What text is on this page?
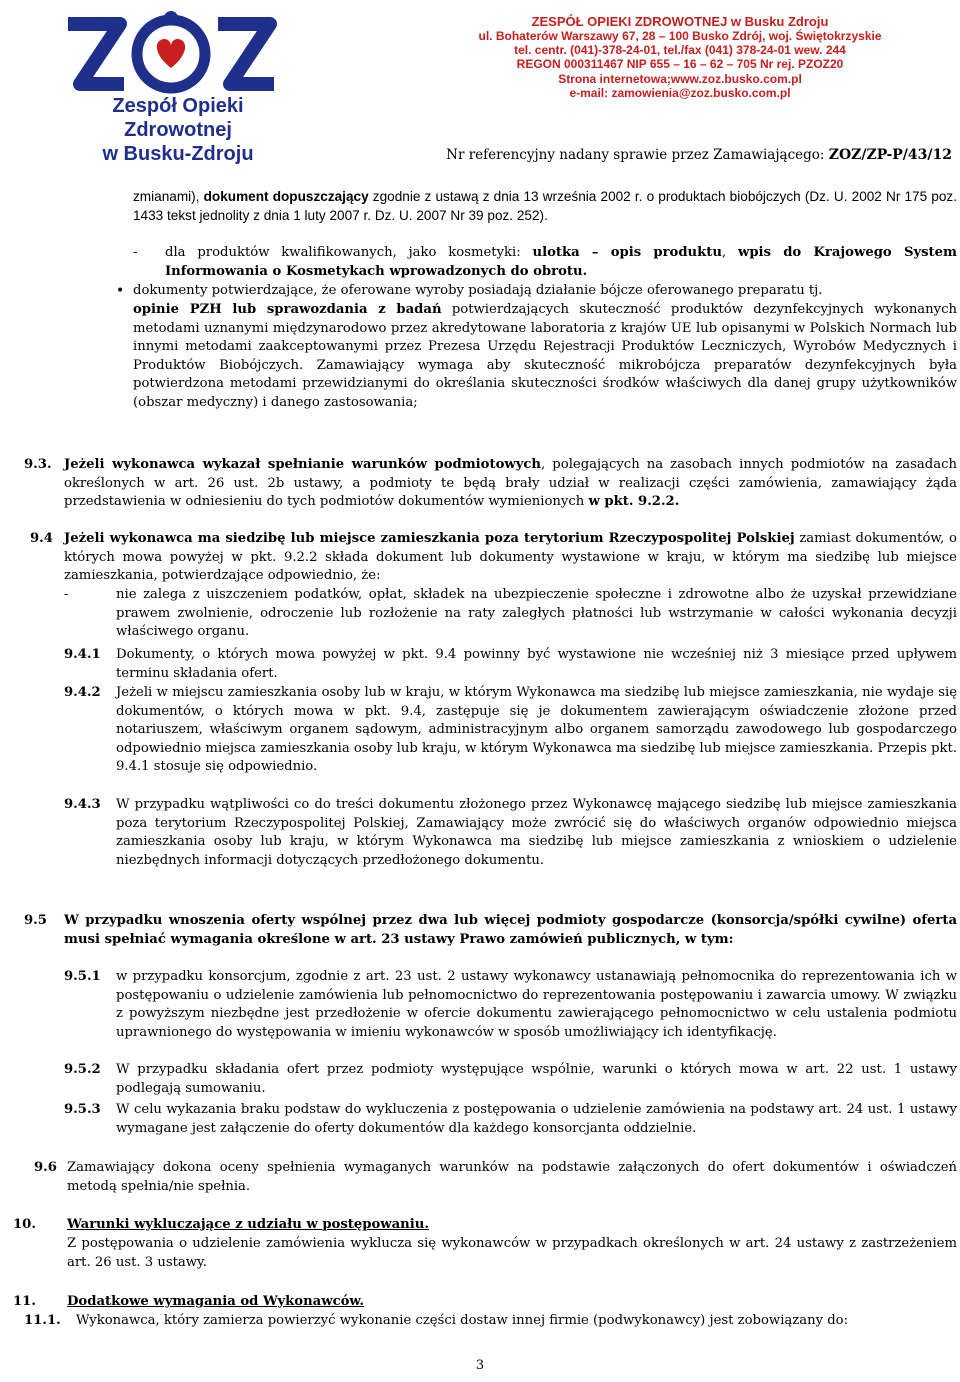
Zespół Opieki Zdrowotnej
w Busku-Zdroju
ZESPÓŁ OPIEKI ZDROWOTNEJ w Busku Zdroju
ul. Bohaterów Warszawy 67, 28 – 100 Busko Zdrój, woj. Świętokrzyskie
tel. centr. (041)-378-24-01, tel./fax (041) 378-24-01 wew. 244
REGON 000311467 NIP 655 – 16 – 62 – 705 Nr rej. PZOZ20
Strona internetowa;www.zoz.busko.com.pl
e-mail: zamowienia@zoz.busko.com.pl
Nr referencyjny nadany sprawie przez Zamawiającego: ZOZ/ZP-P/43/12
zmianami), dokument dopuszczający zgodnie z ustawą z dnia 13 września 2002 r. o produktach biobójczych (Dz. U. 2002 Nr 175 poz. 1433 tekst jednolity z dnia 1 luty 2007 r. Dz. U. 2007 Nr 39 poz. 252).
-	dla produktów kwalifikowanych, jako kosmetyki: ulotka – opis produktu, wpis do Krajowego System Informowania o Kosmetykach wprowadzonych do obrotu.
• dokumenty potwierdzające, że oferowane wyroby posiadają działanie bójcze oferowanego preparatu tj.
opinie PZH lub sprawozdania z badań potwierdzających skuteczność produktów dezynfekcyjnych wykonanych metodami uznanymi międzynarodowo przez akredytowane laboratoria z krajów UE lub opisanymi w Polskich Normach lub innymi metodami zaakceptowanymi przez Prezesa Urzędu Rejestracji Produktów Leczniczych, Wyrobów Medycznych i Produktów Biobójczych. Zamawiający wymaga aby skuteczność mikrobójcza preparatów dezynfekcyjnych była potwierdzona metodami przewidzianymi do określania skuteczności środków właściwych dla danej grupy użytkowników (obszar medyczny) i danego zastosowania;
9.3. Jeżeli wykonawca wykazał spełnianie warunków podmiotowych, polegających na zasobach innych podmiotów na zasadach określonych w art. 26 ust. 2b ustawy, a podmioty te będą brały udział w realizacji części zamówienia, zamawiający żąda przedstawienia w odniesieniu do tych podmiotów dokumentów wymienionych w pkt. 9.2.2.
9.4 Jeżeli wykonawca ma siedzibę lub miejsce zamieszkania poza terytorium Rzeczypospolitej Polskiej zamiast dokumentów, o których mowa powyżej w pkt. 9.2.2 składa dokument lub dokumenty wystawione w kraju, w którym ma siedzibę lub miejsce zamieszkania, potwierdzające odpowiednio, że:
-	nie zalega z uiszczeniem podatków, opłat, składek na ubezpieczenie społeczne i zdrowotne albo że uzyskał przewidziane prawem zwolnienie, odroczenie lub rozłożenie na raty zaległych płatności lub wstrzymanie w całości wykonania decyzji właściwego organu.
9.4.1 Dokumenty, o których mowa powyżej w pkt. 9.4 powinny być wystawione nie wcześniej niż 3 miesiące przed upływem terminu składania ofert.
9.4.2 Jeżeli w miejscu zamieszkania osoby lub w kraju, w którym Wykonawca ma siedzibę lub miejsce zamieszkania, nie wydaje się dokumentów, o których mowa w pkt. 9.4, zastępuje się je dokumentem zawierającym oświadczenie złożone przed notariuszem, właściwym organem sądowym, administracyjnym albo organem samorządu zawodowego lub gospodarczego odpowiednio miejsca zamieszkania osoby lub kraju, w którym Wykonawca ma siedzibę lub miejsce zamieszkania. Przepis pkt. 9.4.1 stosuje się odpowiednio.
9.4.3 W przypadku wątpliwości co do treści dokumentu złożonego przez Wykonawcę mającego siedzibę lub miejsce zamieszkania poza terytorium Rzeczypospolitej Polskiej, Zamawiający może zwrócić się do właściwych organów odpowiednio miejsca zamieszkania osoby lub kraju, w którym Wykonawca ma siedzibę lub miejsce zamieszkania z wnioskiem o udzielenie niezbędnych informacji dotyczących przedłożonego dokumentu.
9.5 W przypadku wnoszenia oferty wspólnej przez dwa lub więcej podmioty gospodarcze (konsorcja/spółki cywilne) oferta musi spełniać wymagania określone w art. 23 ustawy Prawo zamówień publicznych, w tym:
9.5.1 w przypadku konsorcjum, zgodnie z art. 23 ust. 2 ustawy wykonawcy ustanawiają pełnomocnika do reprezentowania ich w postępowaniu o udzielenie zamówienia lub pełnomocnictwo do reprezentowania postępowaniu i zawarcia umowy. W związku z powyższym niezbędne jest przedłożenie w ofercie dokumentu zawierającego pełnomocnictwo w celu ustalenia podmiotu uprawnionego do występowania w imieniu wykonawców w sposób umożliwiający ich identyfikację.
9.5.2 W przypadku składania ofert przez podmioty występujące wspólnie, warunki o których mowa w art. 22 ust. 1 ustawy podlegają sumowaniu.
9.5.3 W celu wykazania braku podstaw do wykluczenia z postępowania o udzielenie zamówienia na podstawy art. 24 ust. 1 ustawy wymagane jest załączenie do oferty dokumentów dla każdego konsorcjanta oddzielnie.
9.6 Zamawiający dokona oceny spełnienia wymaganych warunków na podstawie załączonych do ofert dokumentów i oświadczeń metodą spełnia/nie spełnia.
10. Warunki wykluczające z udziału w postępowaniu.
Z postępowania o udzielenie zamówienia wyklucza się wykonawców w przypadkach określonych w art. 24 ustawy z zastrzeżeniem art. 26 ust. 3 ustawy.
11. Dodatkowe wymagania od Wykonawców.
11.1. Wykonawca, który zamierza powierzyć wykonanie części dostaw innej firmie (podwykonawcy) jest zobowiązany do:
3
